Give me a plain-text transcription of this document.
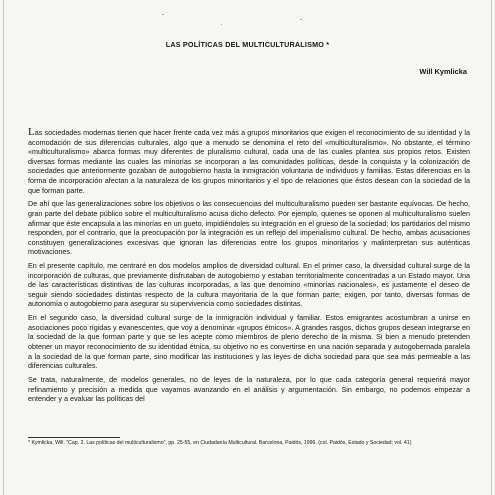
LAS POLÍTICAS DEL MULTICULTURALISMO *
Will Kymlicka

Las sociedades modernas tienen que hacer frente cada vez más a grupos minoritarios que exigen el reconocimiento de su identidad y la acomodación de sus diferencias culturales, algo que a menudo se denomina el reto del «multiculturalismo». No obstante, el término «multiculturalismo» abarca formas muy diferentes de pluralismo cultural, cada una de las cuales plantea sus propios retos. Existen diversas formas mediante las cuales las minorías se incorporan a las comunidades políticas, desde la conquista y la colonización de sociedades que anteriormente gozaban de autogobierno hasta la inmigración voluntaria de individuos y familias. Estas diferencias en la forma de incorporación afectan a la naturaleza de los grupos minoritarios y el tipo de relaciones que éstos desean con la sociedad de la que forman parte.

De ahí que las generalizaciones sobre los objetivos o las consecuencias del multiculturalismo pueden ser bastante equívocas. De hecho, gran parte del debate público sobre el multiculturalismo acusa dicho defecto. Por ejemplo, quienes se oponen al multiculturalismo suelen afirmar que éste encapsula a las minorías en un gueto, impidiéndoles su integración en el grueso de la sociedad; los partidarios del mismo responden, por el contrario, que la preocupación por la integración es un reflejo del imperialismo cultural. De hecho, ambas acusaciones constituyen generalizaciones excesivas que ignoran las diferencias entre los grupos minoritarios y malinterpretan sus auténticas motivaciones.

En el presente capítulo, me centraré en dos modelos amplios de diversidad cultural. En el primer caso, la diversidad cultural surge de la incorporación de culturas, que previamente disfrutaban de autogobierno y estaban territorialmente concentradas a un Estado mayor. Una de las características distintivas de las culturas incorporadas, a las que denomino «minorías nacionales», es justamente el deseo de seguir siendo sociedades distintas respecto de la cultura mayoritaria de la que forman parte; exigen, por tanto, diversas formas de autonomía o autogobierno para asegurar su supervivencia como sociedades distintas.

En el segundo caso, la diversidad cultural surge de la inmigración individual y familiar. Estos emigrantes acostumbran a unirse en asociaciones poco rígidas y evanescentes, que voy a denominar «grupos étnicos». A grandes rasgos, dichos grupos desean integrarse en la sociedad de la que forman parte y que se les acepte como miembros de pleno derecho de la misma. Si bien a menudo pretenden obtener un mayor reconocimiento de su identidad étnica, su objetivo no es convertirse en una nación separada y autogobernada paralela a la sociedad de la que forman parte, sino modificar las instituciones y las leyes de dicha sociedad para que sea más permeable a las diferencias culturales.

Se trata, naturalmente, de modelos generales, no de leyes de la naturaleza, por lo que cada categoría general requerirá mayor refinamiento y precisión a medida que vayamos avanzando en el análisis y argumentación. Sin embargo, no podemos empezar a entender y a evaluar las políticas del

* Kymlicka, Will. "Cap. 2. Las políticas del multiculturalismo", pp. 25-55, en Ciudadanía Multicultural. Barcelona, Paidós, 1996. (col. Paidós, Estado y Sociedad; vol. 41)
